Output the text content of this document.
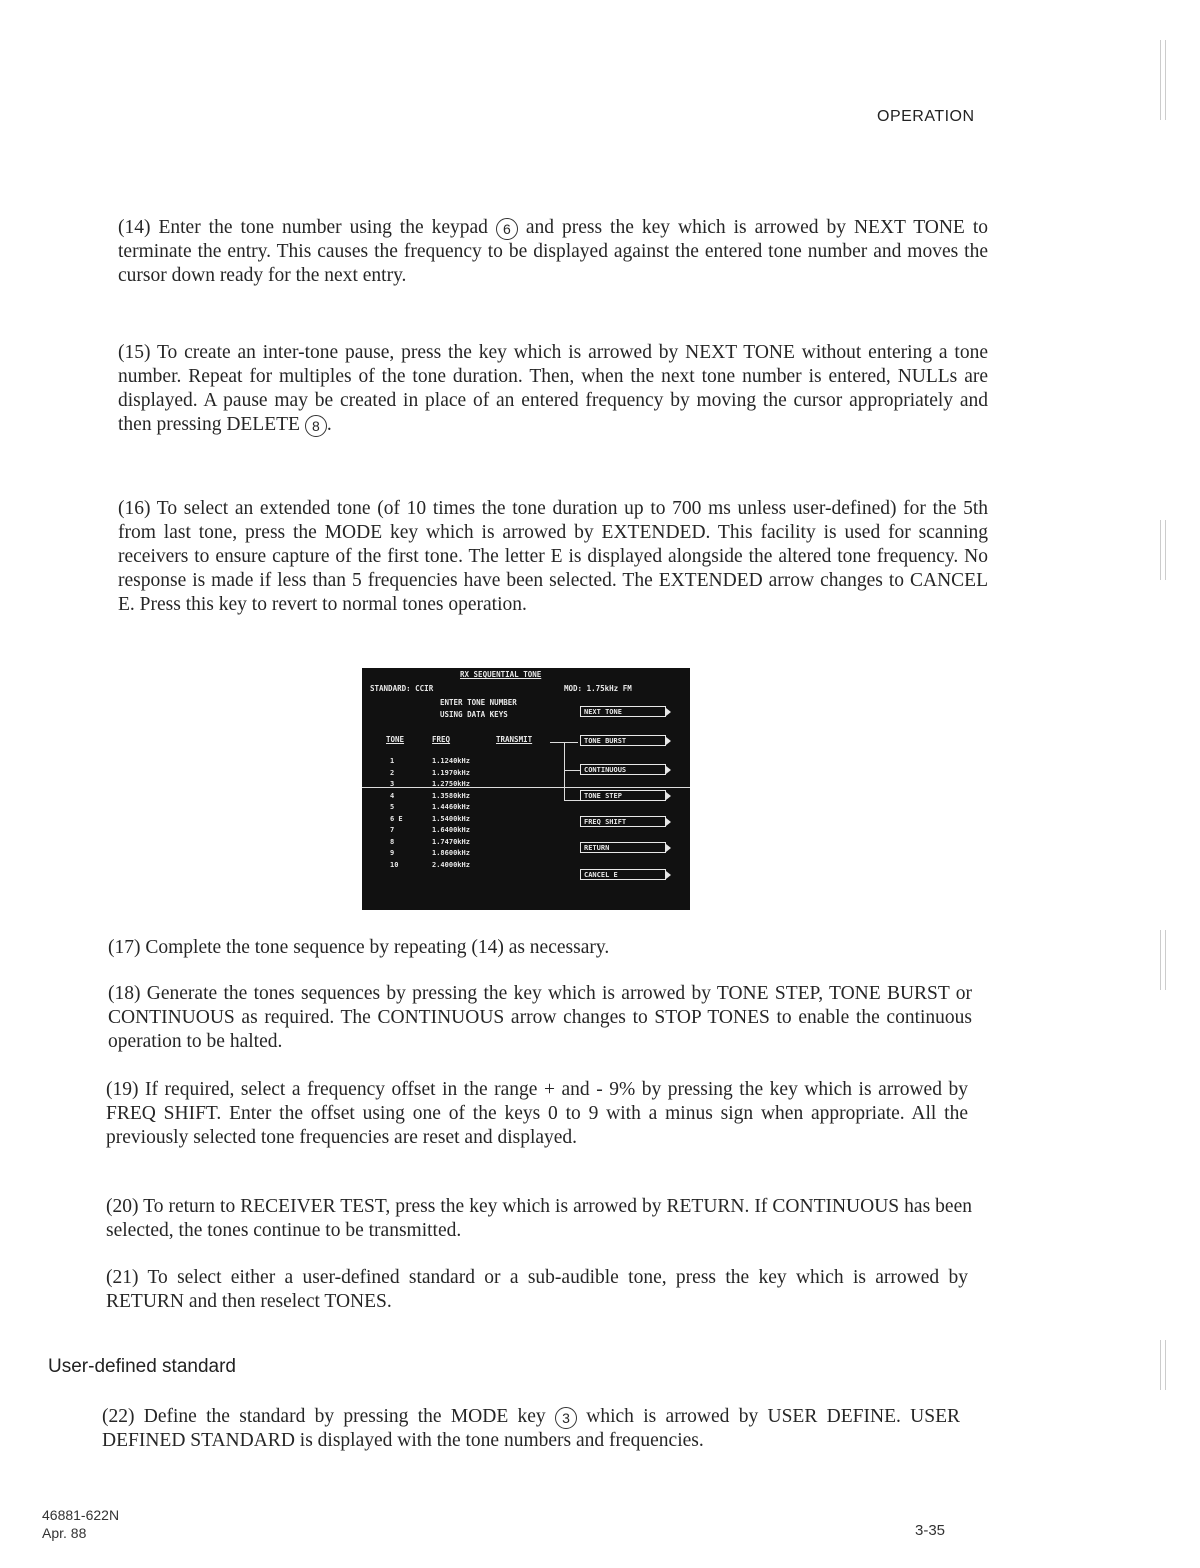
OPERATION
(14) Enter the tone number using the keypad 6 and press the key which is arrowed by NEXT TONE to terminate the entry. This causes the frequency to be displayed against the entered tone number and moves the cursor down ready for the next entry.
(15) To create an inter-tone pause, press the key which is arrowed by NEXT TONE without entering a tone number. Repeat for multiples of the tone duration. Then, when the next tone number is entered, NULLs are displayed. A pause may be created in place of an entered frequency by moving the cursor appropriately and then pressing DELETE 8 .
(16) To select an extended tone (of 10 times the tone duration up to 700 ms unless user-defined) for the 5th from last tone, press the MODE key which is arrowed by EXTENDED. This facility is used for scanning receivers to ensure capture of the first tone. The letter E is displayed alongside the altered tone frequency. No response is made if less than 5 frequencies have been selected. The EXTENDED arrow changes to CANCEL E. Press this key to revert to normal tones operation.
RX SEQUENTIAL TONE
STANDARD: CCIR	MOD: 1.75kHz FM
ENTER TONE NUMBER
USING DATA KEYS
TONE	FREQ	TRANSMIT
1	1.1240kHz
2	1.1970kHz
3	1.2750kHz
4	1.3580kHz
5	1.4460kHz
6 E	1.5400kHz
7	1.6400kHz
8	1.7470kHz
9	1.8600kHz
10	2.4000kHz
NEXT TONE
TONE BURST
CONTINUOUS
TONE STEP
FREQ SHIFT
RETURN
CANCEL E
(17) Complete the tone sequence by repeating (14) as necessary.
(18) Generate the tones sequences by pressing the key which is arrowed by TONE STEP, TONE BURST or CONTINUOUS as required. The CONTINUOUS arrow changes to STOP TONES to enable the continuous operation to be halted.
(19) If required, select a frequency offset in the range + and - 9% by pressing the key which is arrowed by FREQ SHIFT. Enter the offset using one of the keys 0 to 9 with a minus sign when appropriate. All the previously selected tone frequencies are reset and displayed.
(20) To return to RECEIVER TEST, press the key which is arrowed by RETURN. If CONTINUOUS has been selected, the tones continue to be transmitted.
(21) To select either a user-defined standard or a sub-audible tone, press the key which is arrowed by RETURN and then reselect TONES.
User-defined standard
(22) Define the standard by pressing the MODE key 3 which is arrowed by USER DEFINE. USER DEFINED STANDARD is displayed with the tone numbers and frequencies.
46881-622N
Apr. 88	3-35
